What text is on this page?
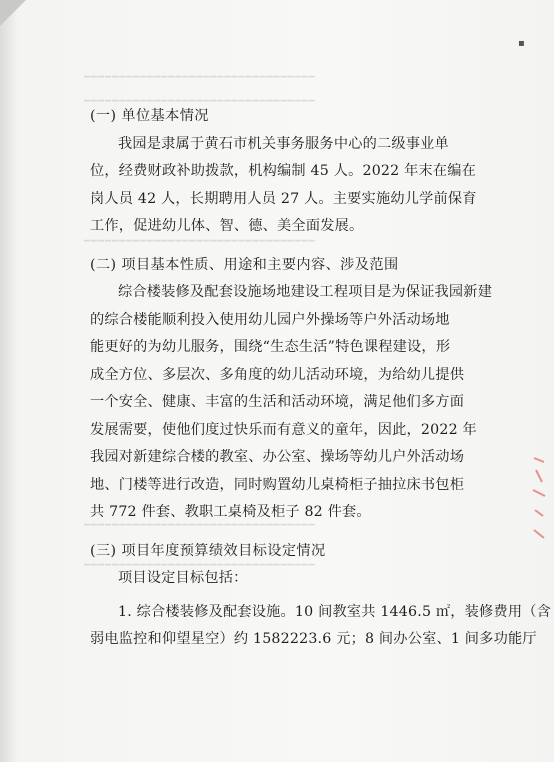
▪
━━━━━━━━━━━━━━━━━━━━━━━━━━━━━━━━━
━━━━━━━━━━━━━━━━━━━━━━━━━━━━━━━━━
━━━━━━━━━━━━━━━━━━━━━━━━━━━━━━━━━
━━━━━━━━━━━━━━━━━━━━━━━━━━━━━━━━━
━━━━━━━━━━━━━━━━━━━━━━━━━━━━━━━━━
(一) 单位基本情况
我园是隶属于黄石市机关事务服务中心的二级事业单
位，经费财政补助拨款，机构编制 45 人。2022 年末在编在
岗人员 42 人，长期聘用人员 27 人。主要实施幼儿学前保育
工作，促进幼儿体、智、德、美全面发展。
(二) 项目基本性质、用途和主要内容、涉及范围
综合楼装修及配套设施场地建设工程项目是为保证我园新建
的综合楼能顺利投入使用幼儿园户外操场等户外活动场地
能更好的为幼儿服务，围绕“生态生活”特色课程建设，形
成全方位、多层次、多角度的幼儿活动环境，为给幼儿提供
一个安全、健康、丰富的生活和活动环境，满足他们多方面
发展需要，使他们度过快乐而有意义的童年，因此，2022 年
我园对新建综合楼的教室、办公室、操场等幼儿户外活动场
地、门楼等进行改造，同时购置幼儿桌椅柜子抽拉床书包柜
共 772 件套、教职工桌椅及柜子 82 件套。
(三) 项目年度预算绩效目标设定情况
项目设定目标包括：
1. 综合楼装修及配套设施。10 间教室共 1446.5 ㎡，装修费用（含
弱电监控和仰望星空）约 1582223.6 元；8 间办公室、1 间多功能厅
